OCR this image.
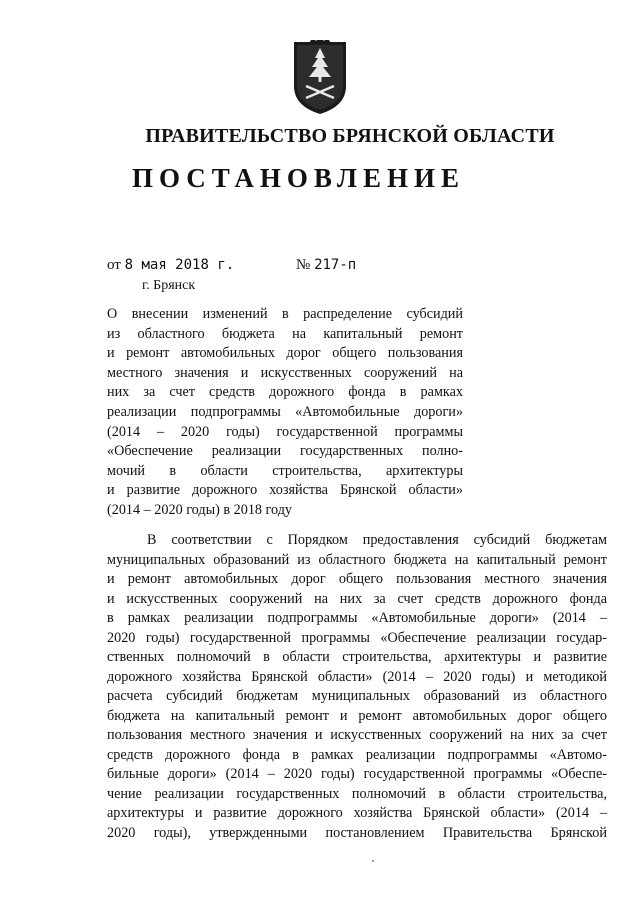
ПРАВИТЕЛЬСТВО БРЯНСКОЙ ОБЛАСТИ
ПОСТАНОВЛЕНИЕ
от 8 мая 2018 г.	№ 217-п
г. Брянск
О внесении изменений в распределение субсидий
из областного бюджета на капитальный ремонт
и ремонт автомобильных дорог общего пользования
местного значения и искусственных сооружений на
них за счет средств дорожного фонда в рамках
реализации подпрограммы «Автомобильные дороги»
(2014 – 2020 годы) государственной программы
«Обеспечение реализации государственных полно-
мочий в области строительства, архитектуры
и развитие дорожного хозяйства Брянской области»
(2014 – 2020 годы) в 2018 году
В соответствии с Порядком предоставления субсидий бюджетам
муниципальных образований из областного бюджета на капитальный ремонт
и ремонт автомобильных дорог общего пользования местного значения
и искусственных сооружений на них за счет средств дорожного фонда
в рамках реализации подпрограммы «Автомобильные дороги» (2014 –
2020 годы) государственной программы «Обеспечение реализации государ-
ственных полномочий в области строительства, архитектуры и развитие
дорожного хозяйства Брянской области» (2014 – 2020 годы) и методикой
расчета субсидий бюджетам муниципальных образований из областного
бюджета на капитальный ремонт и ремонт автомобильных дорог общего
пользования местного значения и искусственных сооружений на них за счет
средств дорожного фонда в рамках реализации подпрограммы «Автомо-
бильные дороги» (2014 – 2020 годы) государственной программы «Обеспе-
чение реализации государственных полномочий в области строительства,
архитектуры и развитие дорожного хозяйства Брянской области» (2014 –
2020 годы), утвержденными постановлением Правительства Брянской
